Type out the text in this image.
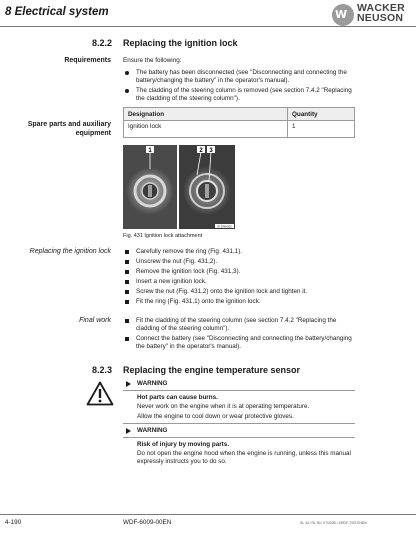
8 Electrical system	W WACKER
NEUSON
8.2.2 Replacing the ignition lock
Requirements Ensure the following:
The battery has been disconnected (see "Disconnecting and connecting the battery/changing the battery" in the operator's manual).
The cladding of the steering column is removed (see section 7.4.2 "Replacing the cladding of the steering column").
Spare parts and auxiliary equipment
Designation	Quantity
Ignition lock	1
1	2 3
ID 3789-002
Fig. 431 Ignition lock attachment
Replacing the ignition lock	Carefully remove the ring (Fig. 431,1).
Unscrew the nut (Fig. 431,2).
Remove the ignition lock (Fig. 431,3).
Insert a new ignition lock.
Screw the nut (Fig. 431,2) onto the ignition lock and tighten it.
Fit the ring (Fig. 431,1) onto the ignition lock.
Final work	Fit the cladding of the steering column (see section 7.4.2 "Replacing the cladding of the steering column").
Connect the battery (see "Disconnecting and connecting the battery/changing the battery" in the operator's manual).
8.2.3 Replacing the engine temperature sensor
WARNING
Hot parts can cause burns.
Never work on the engine when it is at operating temperature.
Allow the engine to cool down or wear protective gloves.
WARNING
Risk of injury by moving parts.
Do not open the engine hood when the engine is running, unless this manual expressly instructs you to do so.
4-190	WDF-6009-00EN	SL 44 / RL 50 / 07/2008 • DRDF-TSR-ENDN
